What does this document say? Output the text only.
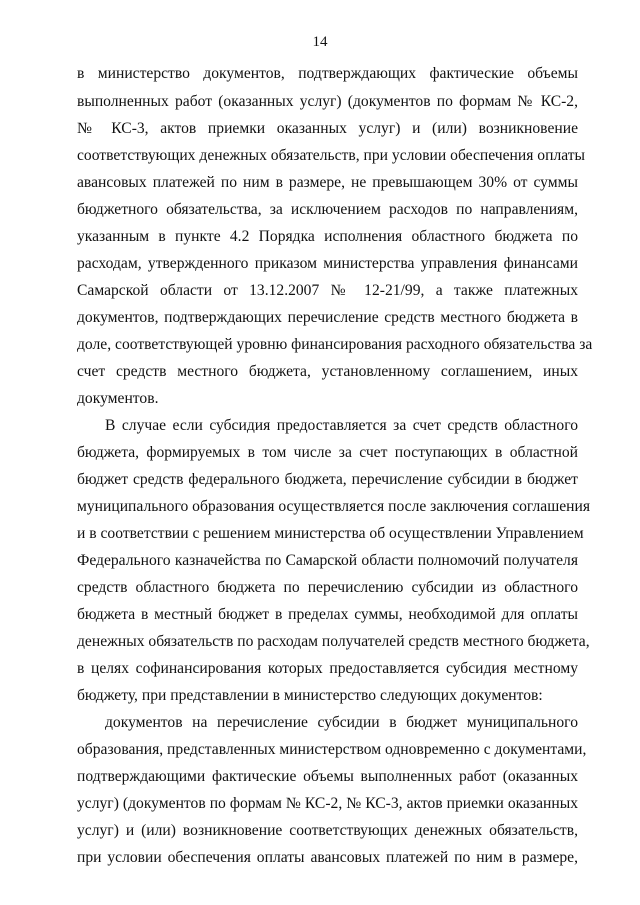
14
в министерство документов, подтверждающих фактические объемы
выполненных работ (оказанных услуг) (документов по формам № КС-2,
№ КС-3, актов приемки оказанных услуг) и (или) возникновение
соответствующих денежных обязательств, при условии обеспечения оплаты
авансовых платежей по ним в размере, не превышающем 30% от суммы
бюджетного обязательства, за исключением расходов по направлениям,
указанным в пункте 4.2 Порядка исполнения областного бюджета по
расходам, утвержденного приказом министерства управления финансами
Самарской области от 13.12.2007 № 12-21/99, а также платежных
документов, подтверждающих перечисление средств местного бюджета в
доле, соответствующей уровню финансирования расходного обязательства за
счет средств местного бюджета, установленному соглашением, иных
документов.
В случае если субсидия предоставляется за счет средств областного
бюджета, формируемых в том числе за счет поступающих в областной
бюджет средств федерального бюджета, перечисление субсидии в бюджет
муниципального образования осуществляется после заключения соглашения
и в соответствии с решением министерства об осуществлении Управлением
Федерального казначейства по Самарской области полномочий получателя
средств областного бюджета по перечислению субсидии из областного
бюджета в местный бюджет в пределах суммы, необходимой для оплаты
денежных обязательств по расходам получателей средств местного бюджета,
в целях софинансирования которых предоставляется субсидия местному
бюджету, при представлении в министерство следующих документов:
документов на перечисление субсидии в бюджет муниципального
образования, представленных министерством одновременно с документами,
подтверждающими фактические объемы выполненных работ (оказанных
услуг) (документов по формам № КС-2, № КС-3, актов приемки оказанных
услуг) и (или) возникновение соответствующих денежных обязательств,
при условии обеспечения оплаты авансовых платежей по ним в размере,
